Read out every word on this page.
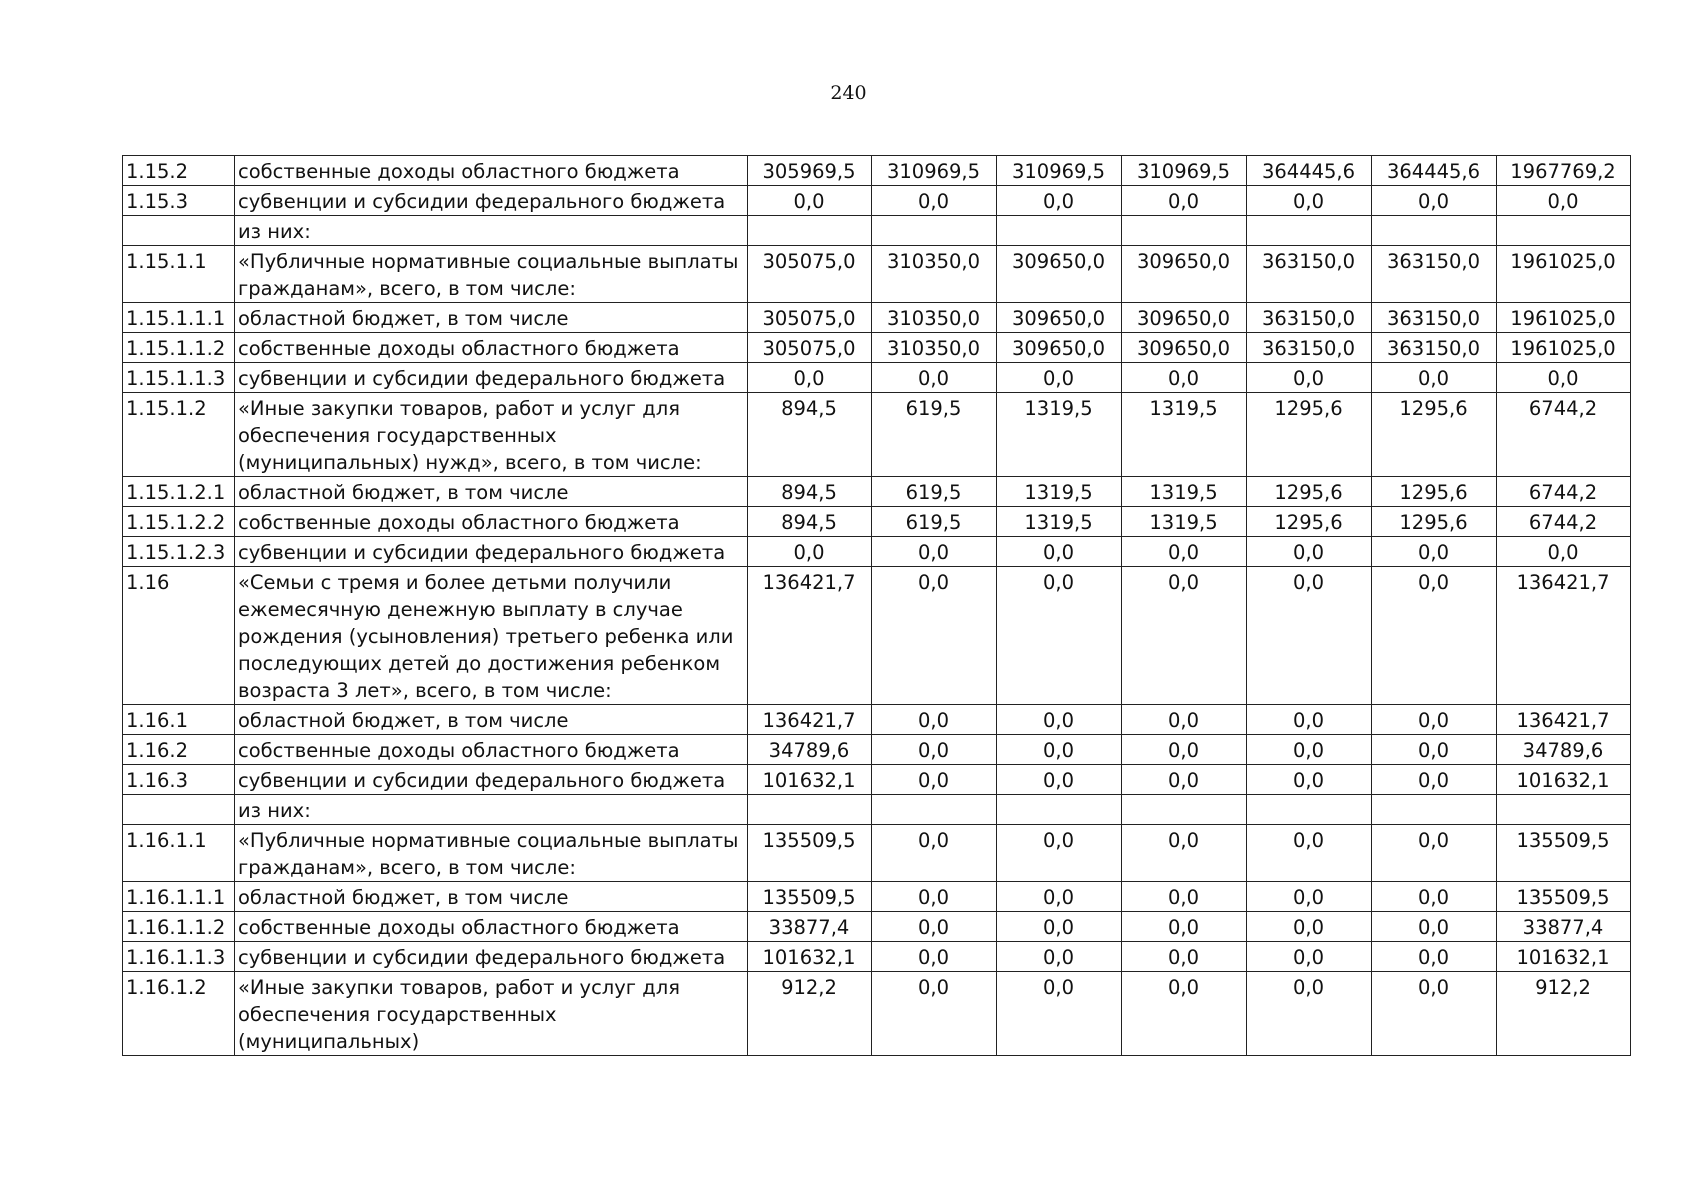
240
1.15.2	собственные доходы областного бюджета	305969,5	310969,5	310969,5	310969,5	364445,6	364445,6	1967769,2
1.15.3	субвенции и субсидии федерального бюджета	0,0	0,0	0,0	0,0	0,0	0,0	0,0
	из них:							
1.15.1.1	«Публичные нормативные социальные выплаты гражданам», всего, в том числе:	305075,0	310350,0	309650,0	309650,0	363150,0	363150,0	1961025,0
1.15.1.1.1	областной бюджет, в том числе	305075,0	310350,0	309650,0	309650,0	363150,0	363150,0	1961025,0
1.15.1.1.2	собственные доходы областного бюджета	305075,0	310350,0	309650,0	309650,0	363150,0	363150,0	1961025,0
1.15.1.1.3	субвенции и субсидии федерального бюджета	0,0	0,0	0,0	0,0	0,0	0,0	0,0
1.15.1.2	«Иные закупки товаров, работ и услуг для обеспечения государственных (муниципальных) нужд», всего, в том числе:	894,5	619,5	1319,5	1319,5	1295,6	1295,6	6744,2
1.15.1.2.1	областной бюджет, в том числе	894,5	619,5	1319,5	1319,5	1295,6	1295,6	6744,2
1.15.1.2.2	собственные доходы областного бюджета	894,5	619,5	1319,5	1319,5	1295,6	1295,6	6744,2
1.15.1.2.3	субвенции и субсидии федерального бюджета	0,0	0,0	0,0	0,0	0,0	0,0	0,0
1.16	«Семьи с тремя и более детьми получили ежемесячную денежную выплату в случае рождения (усыновления) третьего ребенка или последующих детей до достижения ребенком возраста 3 лет», всего, в том числе:	136421,7	0,0	0,0	0,0	0,0	0,0	136421,7
1.16.1	областной бюджет, в том числе	136421,7	0,0	0,0	0,0	0,0	0,0	136421,7
1.16.2	собственные доходы областного бюджета	34789,6	0,0	0,0	0,0	0,0	0,0	34789,6
1.16.3	субвенции и субсидии федерального бюджета	101632,1	0,0	0,0	0,0	0,0	0,0	101632,1
	из них:							
1.16.1.1	«Публичные нормативные социальные выплаты гражданам», всего, в том числе:	135509,5	0,0	0,0	0,0	0,0	0,0	135509,5
1.16.1.1.1	областной бюджет, в том числе	135509,5	0,0	0,0	0,0	0,0	0,0	135509,5
1.16.1.1.2	собственные доходы областного бюджета	33877,4	0,0	0,0	0,0	0,0	0,0	33877,4
1.16.1.1.3	субвенции и субсидии федерального бюджета	101632,1	0,0	0,0	0,0	0,0	0,0	101632,1
1.16.1.2	«Иные закупки товаров, работ и услуг для обеспечения государственных (муниципальных)	912,2	0,0	0,0	0,0	0,0	0,0	912,2
